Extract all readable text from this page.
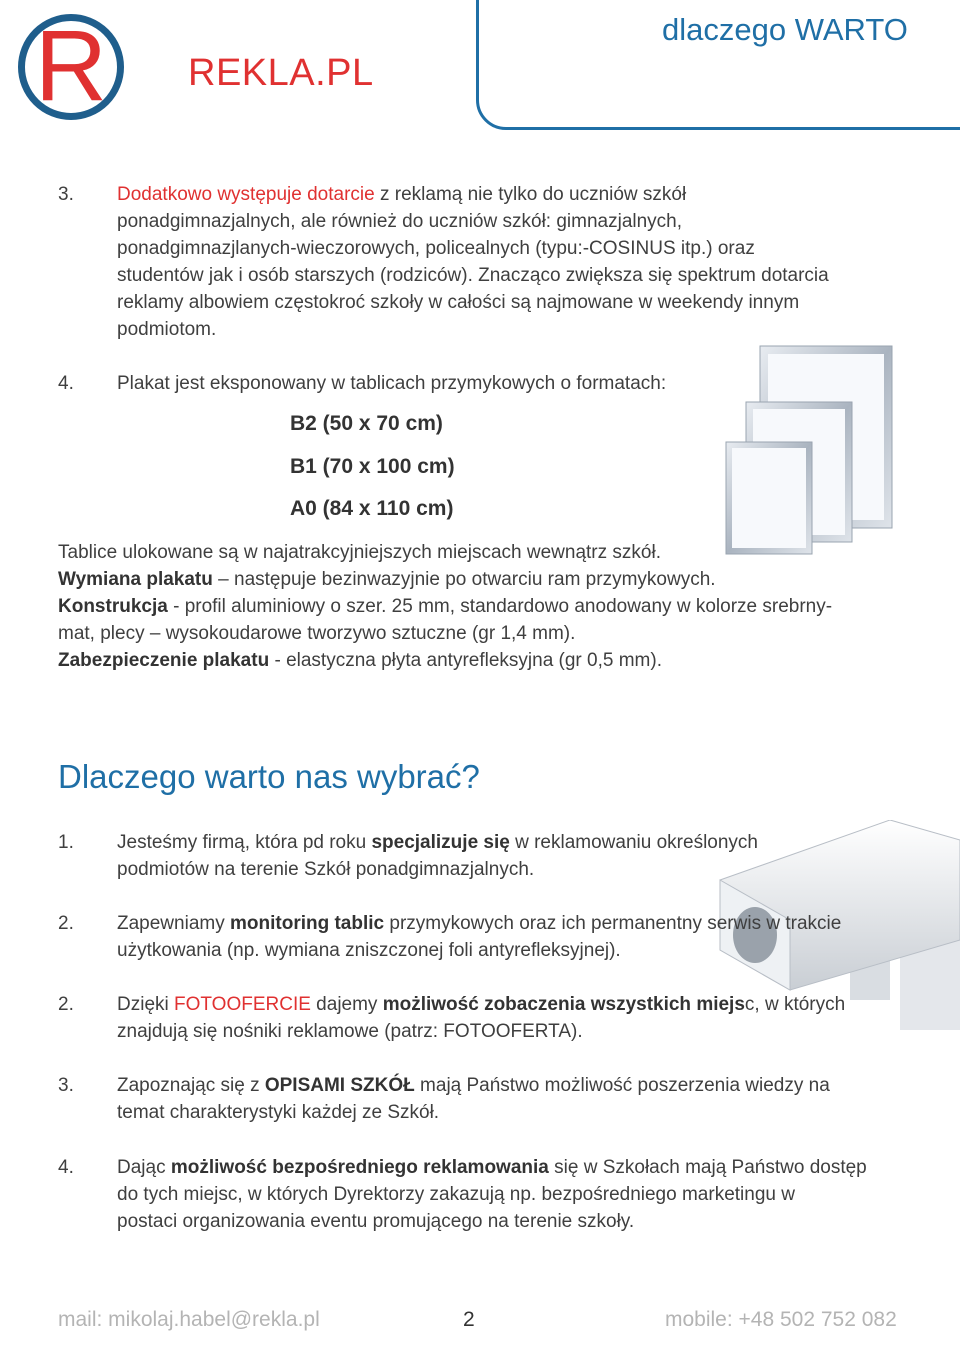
R REKLA.PL
dlaczego WARTO
3. Dodatkowo występuje dotarcie z reklamą nie tylko do uczniów szkół
ponadgimnazjalnych, ale również do uczniów szkół: gimnazjalnych,
ponadgimnazjlanych-wieczorowych, policealnych (typu:-COSINUS itp.) oraz
studentów jak i osób starszych (rodziców). Znacząco zwiększa się spektrum dotarcia
reklamy albowiem częstokroć szkoły w całości są najmowane w weekendy innym
podmiotom.
4. Plakat jest eksponowany w tablicach przymykowych o formatach:
B2 (50 x 70 cm)
B1 (70 x 100 cm)
A0 (84 x 110 cm)
Tablice ulokowane są w najatrakcyjniejszych miejscach wewnątrz szkół.
Wymiana plakatu – następuje bezinwazyjnie po otwarciu ram przymykowych.
Konstrukcja - profil aluminiowy o szer. 25 mm, standardowo anodowany w kolorze srebrny-
mat, plecy – wysokoudarowe tworzywo sztuczne (gr 1,4 mm).
Zabezpieczenie plakatu - elastyczna płyta antyrefleksyjna (gr 0,5 mm).
Dlaczego warto nas wybrać?
1. Jesteśmy firmą, która pd roku specjalizuje się w reklamowaniu określonych
podmiotów na terenie Szkół ponadgimnazjalnych.
2. Zapewniamy monitoring tablic przymykowych oraz ich permanentny serwis w trakcie
użytkowania (np. wymiana zniszczonej foli antyrefleksyjnej).
2. Dzięki FOTOOFERCIE dajemy możliwość zobaczenia wszystkich miejsc, w których
znajdują się nośniki reklamowe (patrz: FOTOOFERTA).
3. Zapoznając się z OPISAMI SZKÓŁ mają Państwo możliwość poszerzenia wiedzy na
temat charakterystyki każdej ze Szkół.
4. Dając możliwość bezpośredniego reklamowania się w Szkołach mają Państwo dostęp
do tych miejsc, w których Dyrektorzy zakazują np. bezpośredniego marketingu w
postaci organizowania eventu promującego na terenie szkoły.
mail: mikolaj.habel@rekla.pl	2	mobile: +48 502 752 082
